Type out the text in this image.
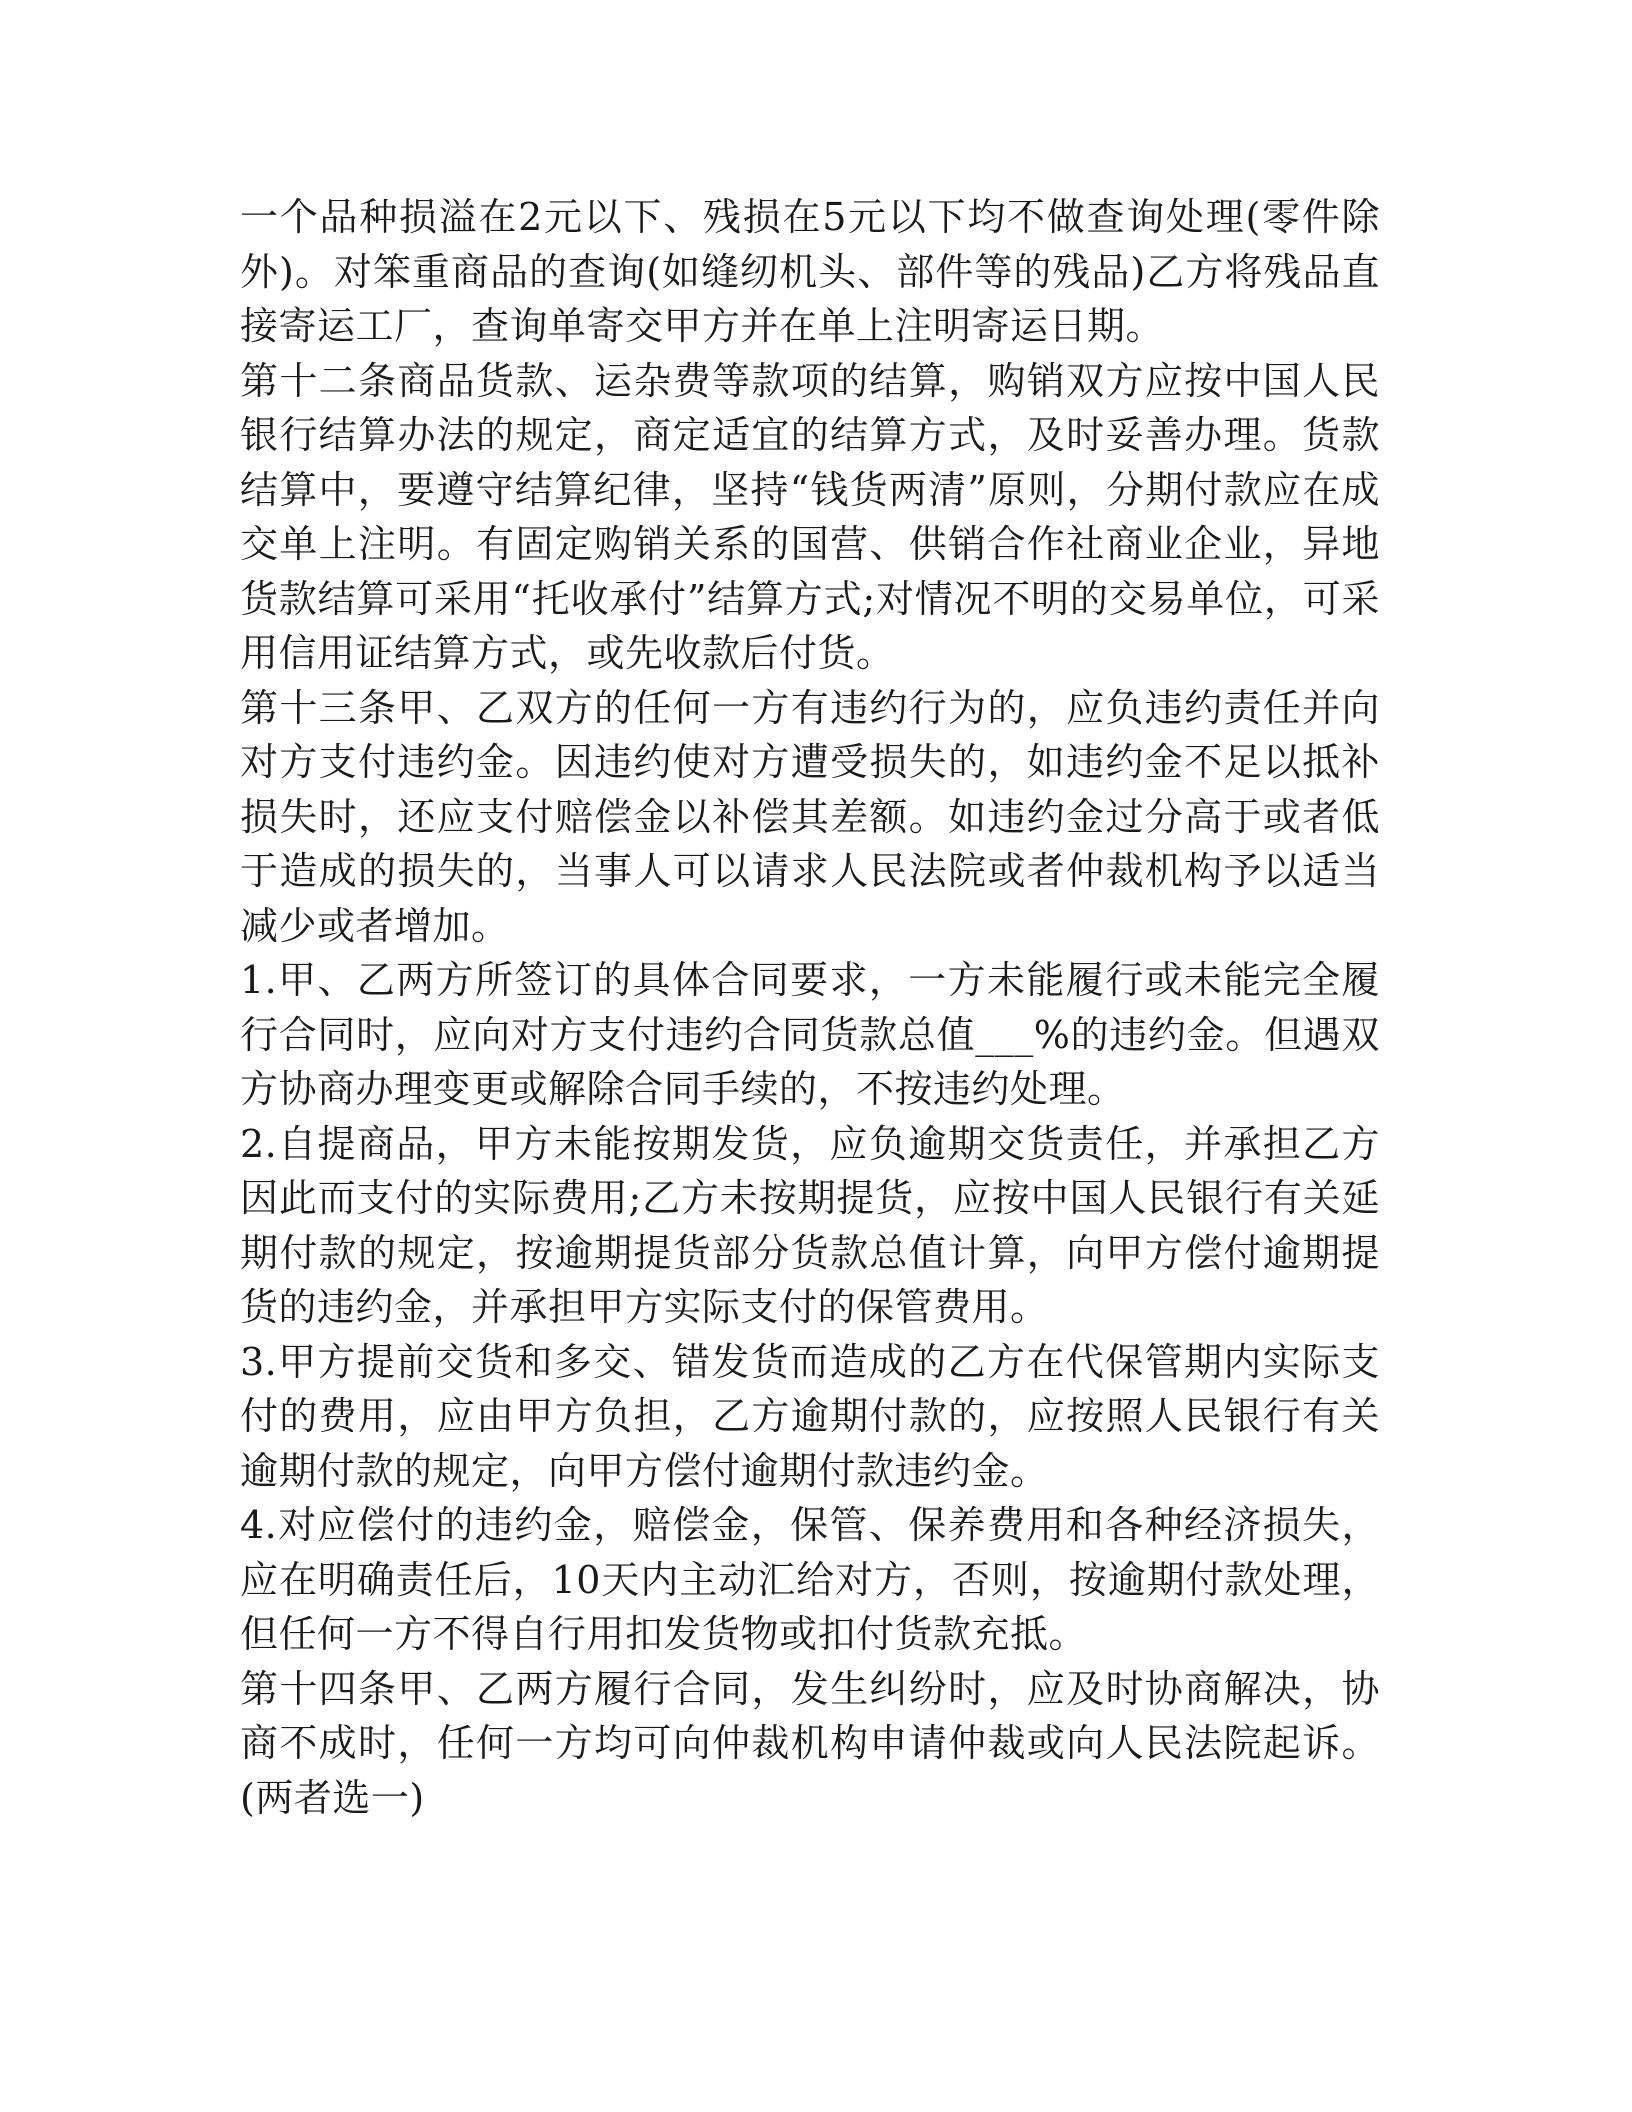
一个品种损溢在2元以下、残损在5元以下均不做查询处理(零件除外)。对笨重商品的查询(如缝纫机头、部件等的残品)乙方将残品直接寄运工厂，查询单寄交甲方并在单上注明寄运日期。

第十二条商品货款、运杂费等款项的结算，购销双方应按中国人民银行结算办法的规定，商定适宜的结算方式，及时妥善办理。货款结算中，要遵守结算纪律，坚持“钱货两清”原则，分期付款应在成交单上注明。有固定购销关系的国营、供销合作社商业企业，异地货款结算可采用“托收承付”结算方式;对情况不明的交易单位，可采用信用证结算方式，或先收款后付货。

第十三条甲、乙双方的任何一方有违约行为的，应负违约责任并向对方支付违约金。因违约使对方遭受损失的，如违约金不足以抵补损失时，还应支付赔偿金以补偿其差额。如违约金过分高于或者低于造成的损失的，当事人可以请求人民法院或者仲裁机构予以适当减少或者增加。

1.甲、乙两方所签订的具体合同要求，一方未能履行或未能完全履行合同时，应向对方支付违约合同货款总值___%的违约金。但遇双方协商办理变更或解除合同手续的，不按违约处理。

2.自提商品，甲方未能按期发货，应负逾期交货责任，并承担乙方因此而支付的实际费用;乙方未按期提货，应按中国人民银行有关延期付款的规定，按逾期提货部分货款总值计算，向甲方偿付逾期提货的违约金，并承担甲方实际支付的保管费用。

3.甲方提前交货和多交、错发货而造成的乙方在代保管期内实际支付的费用，应由甲方负担，乙方逾期付款的，应按照人民银行有关逾期付款的规定，向甲方偿付逾期付款违约金。

4.对应偿付的违约金，赔偿金，保管、保养费用和各种经济损失，应在明确责任后，10天内主动汇给对方，否则，按逾期付款处理，但任何一方不得自行用扣发货物或扣付货款充抵。

第十四条甲、乙两方履行合同，发生纠纷时，应及时协商解决，协商不成时，任何一方均可向仲裁机构申请仲裁或向人民法院起诉。(两者选一)
